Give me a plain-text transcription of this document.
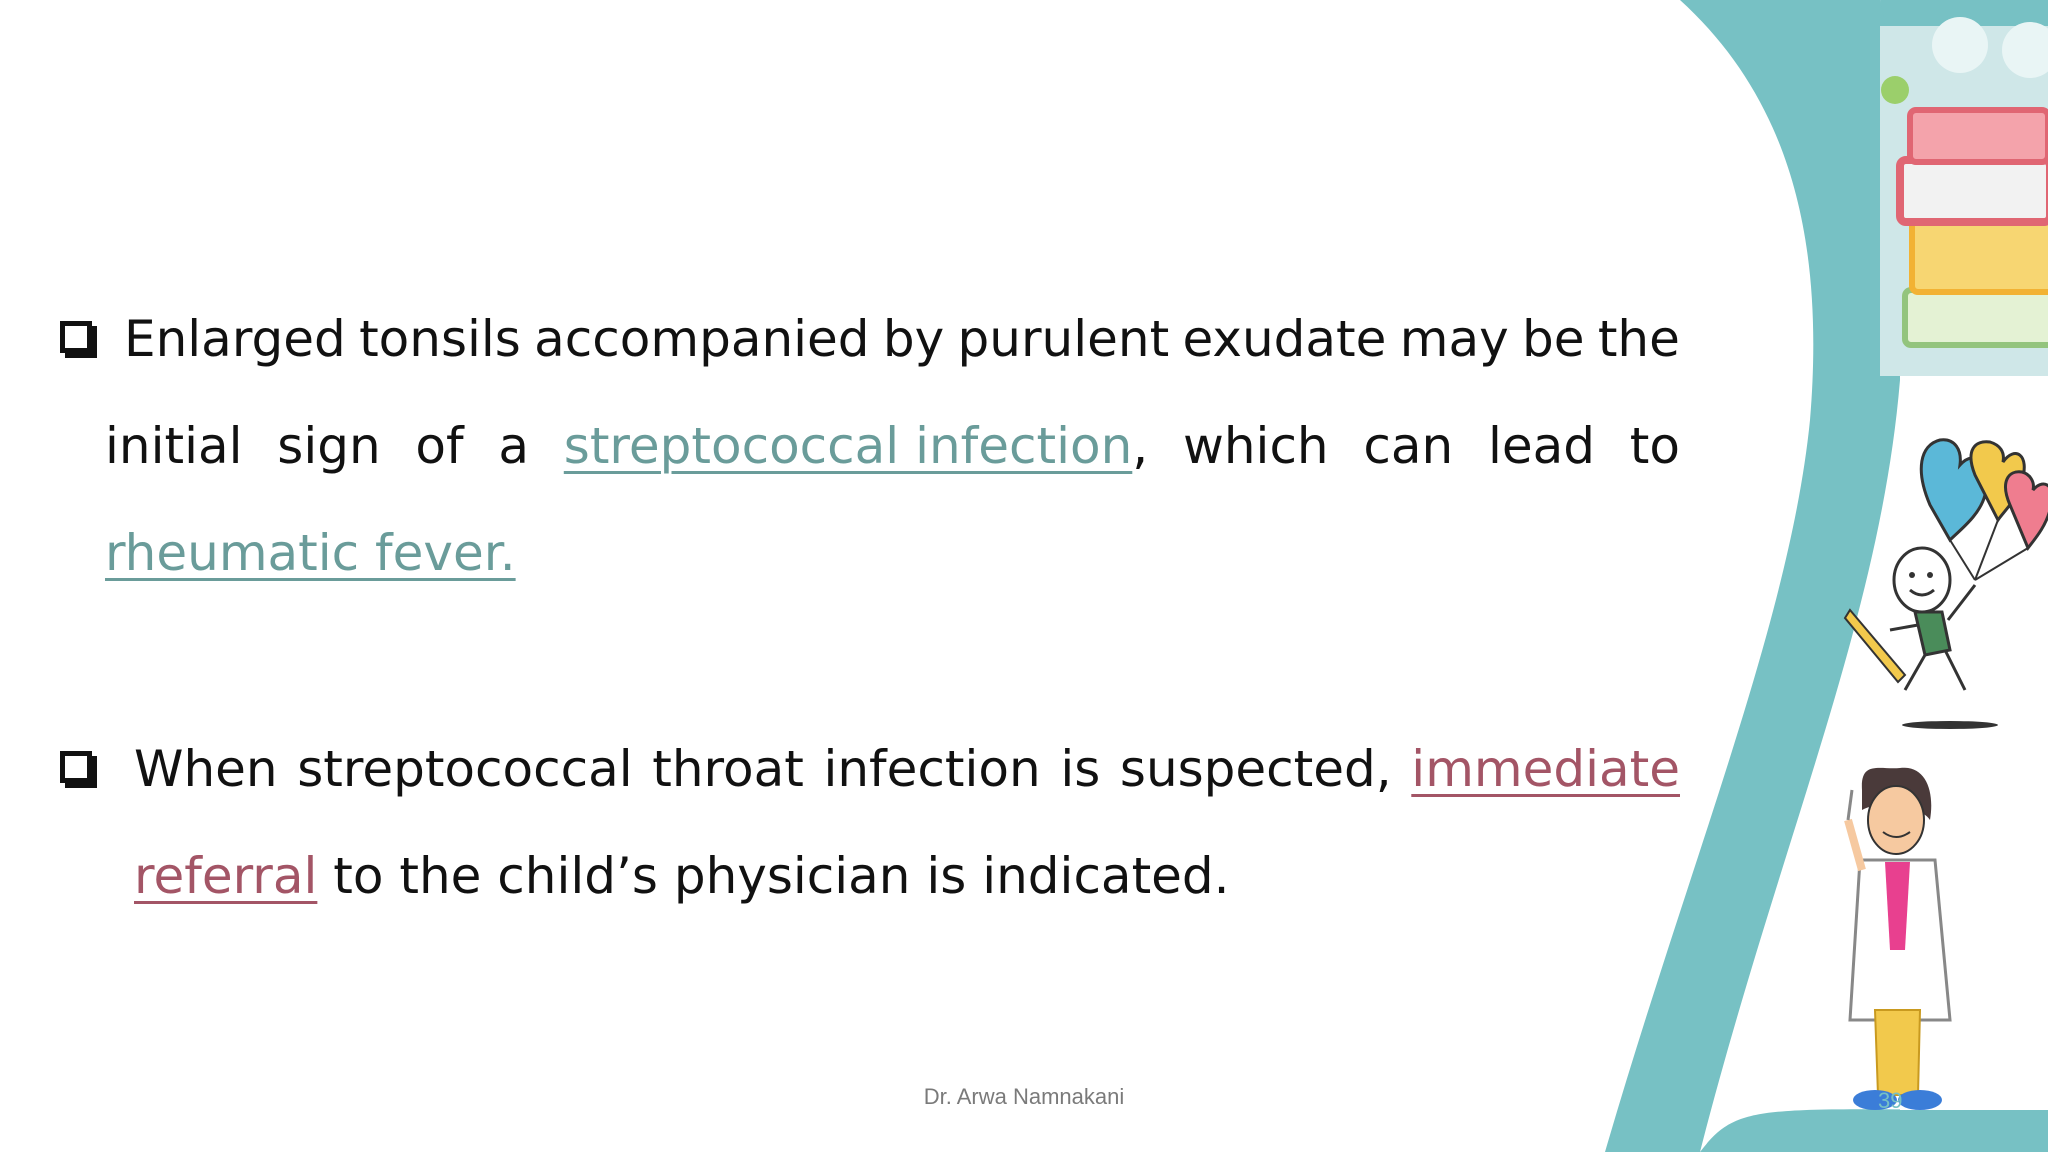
Enlarged tonsils accompanied by purulent exudate may be the
initial sign of a streptococcal infection, which can lead to
rheumatic fever.
When streptococcal throat infection is suspected, immediate
referral to the child’s physician is indicated.
Dr. Arwa Namnakani	39
